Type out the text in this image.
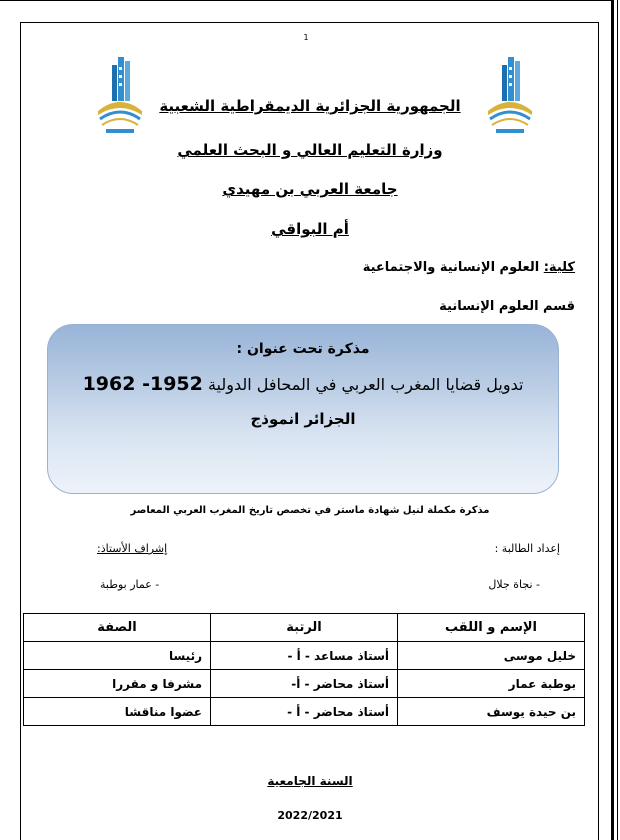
1
الجمهورية الجزائرية الديمقراطية الشعبية
وزارة التعليم العالي و البحث العلمي
جامعة العربي بن مهيدي
أم البواقي
كلية: العلوم الإنسانية والاجتماعية
قسم العلوم الإنسانية
مذكرة تحت عنوان :
تدويل قضايا المغرب العربي في المحافل الدولية 1952- 1962
الجزائر انموذج
مذكرة مكملة لنيل شهادة ماستر في تخصص تاريخ المغرب العربي المعاصر
إعداد الطالبة :
إشراف الأستاذ:
- نجاة جلال
- عمار بوطبة
الإسم و اللقب	الرتبة	الصفة
خليل موسى	أستاذ مساعد - أ -	رئيسا
بوطبة عمار	أستاذ محاضر - أ-	مشرفا و مقررا
بن حيدة يوسف	أستاذ محاضر - أ -	عضوا مناقشا
السنة الجامعية
2022/2021
